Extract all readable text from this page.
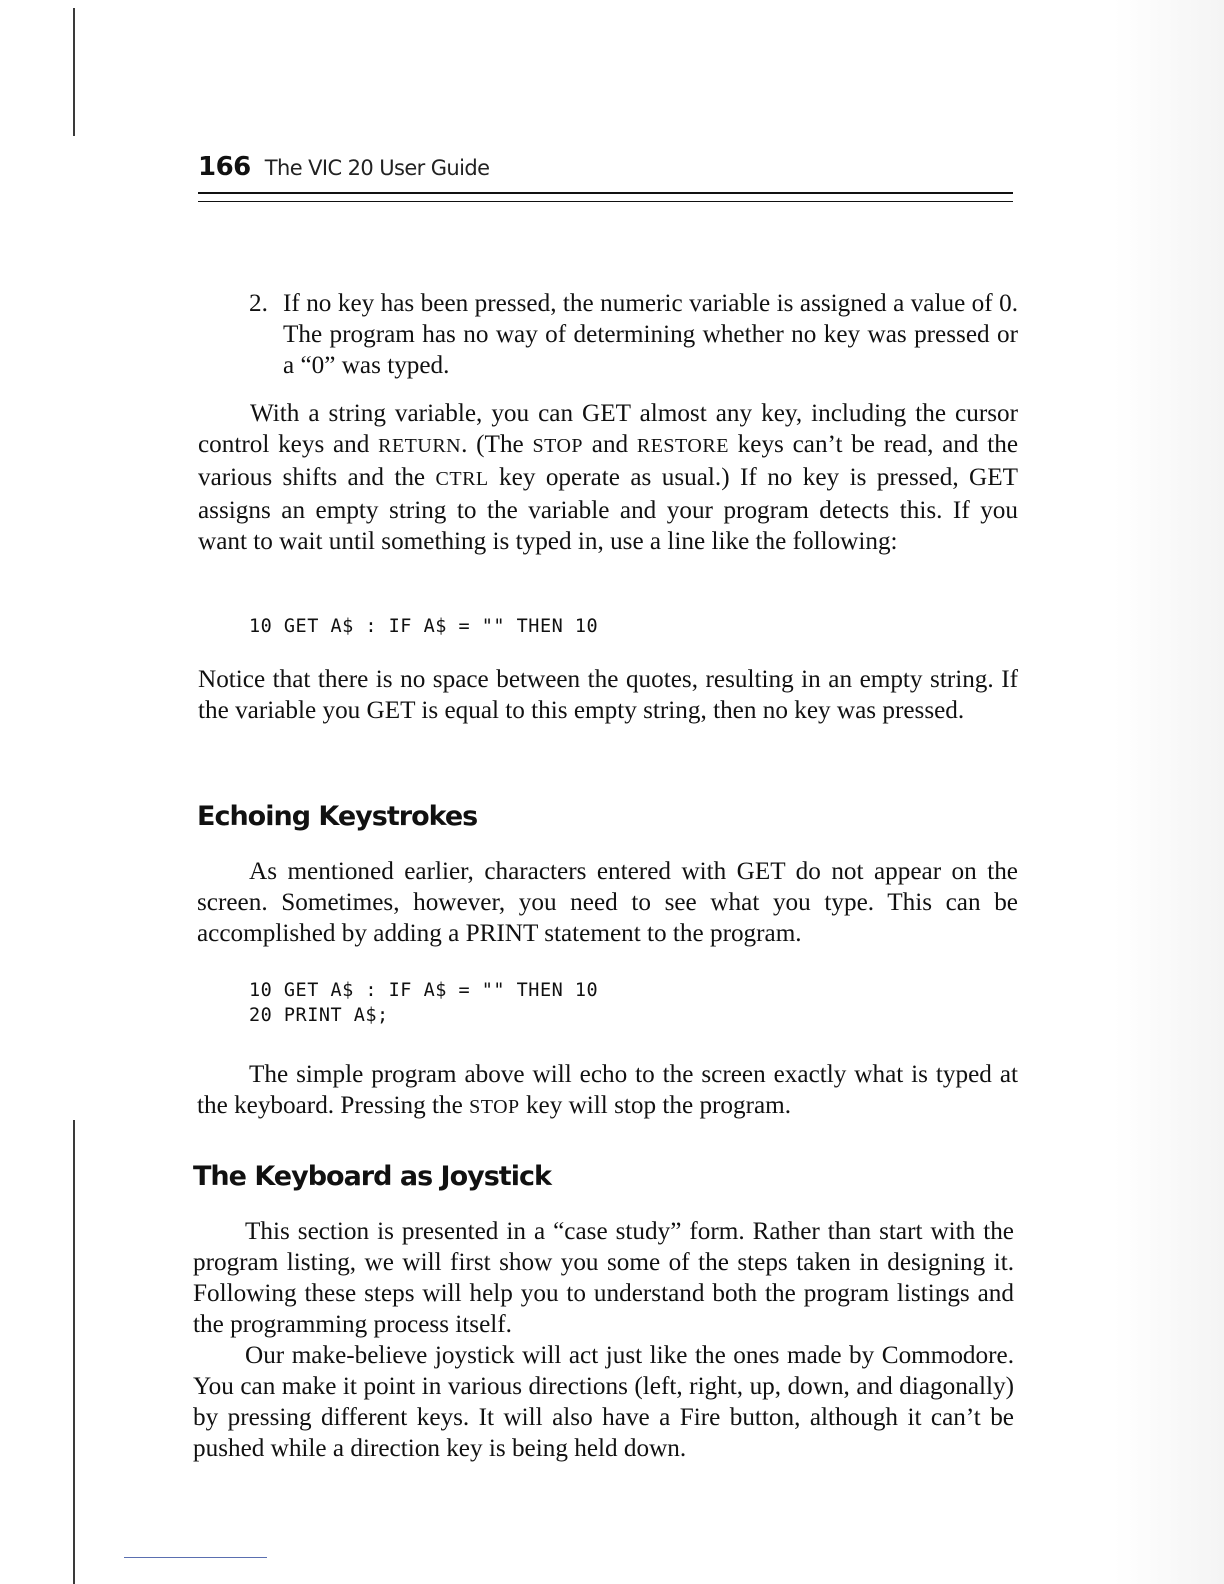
166 The VIC 20 User Guide
2. If no key has been pressed, the numeric variable is assigned a value of 0. The program has no way of determining whether no key was pressed or a “0” was typed.
With a string variable, you can GET almost any key, including the cursor control keys and RETURN. (The STOP and RESTORE keys can’t be read, and the various shifts and the CTRL key operate as usual.) If no key is pressed, GET assigns an empty string to the variable and your program detects this. If you want to wait until something is typed in, use a line like the following:
10 GET A$ : IF A$ = "" THEN 10
Notice that there is no space between the quotes, resulting in an empty string. If the variable you GET is equal to this empty string, then no key was pressed.
Echoing Keystrokes
As mentioned earlier, characters entered with GET do not appear on the screen. Sometimes, however, you need to see what you type. This can be accomplished by adding a PRINT statement to the program.
10 GET A$ : IF A$ = "" THEN 10
20 PRINT A$;
The simple program above will echo to the screen exactly what is typed at the keyboard. Pressing the STOP key will stop the program.
The Keyboard as Joystick
This section is presented in a “case study” form. Rather than start with the program listing, we will first show you some of the steps taken in designing it. Following these steps will help you to understand both the program listings and the programming process itself.
Our make-believe joystick will act just like the ones made by Commodore. You can make it point in various directions (left, right, up, down, and diagonally) by pressing different keys. It will also have a Fire button, although it can’t be pushed while a direction key is being held down.
